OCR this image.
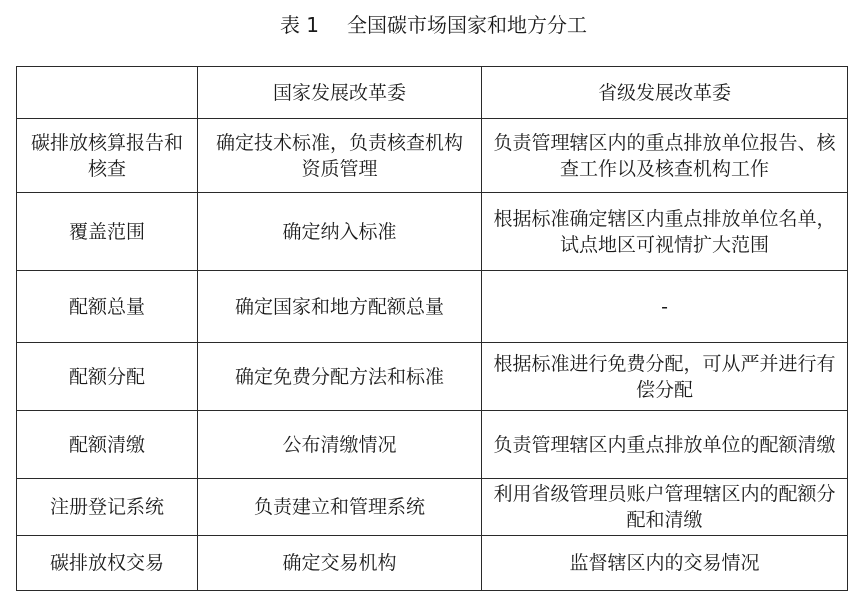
表 1 全国碳市场国家和地方分工
	国家发展改革委	省级发展改革委
碳排放核算报告和核查	确定技术标准，负责核查机构资质管理	负责管理辖区内的重点排放单位报告、核查工作以及核查机构工作
覆盖范围	确定纳入标准	根据标准确定辖区内重点排放单位名单，试点地区可视情扩大范围
配额总量	确定国家和地方配额总量	-
配额分配	确定免费分配方法和标准	根据标准进行免费分配，可从严并进行有偿分配
配额清缴	公布清缴情况	负责管理辖区内重点排放单位的配额清缴
注册登记系统	负责建立和管理系统	利用省级管理员账户管理辖区内的配额分配和清缴
碳排放权交易	确定交易机构	监督辖区内的交易情况
